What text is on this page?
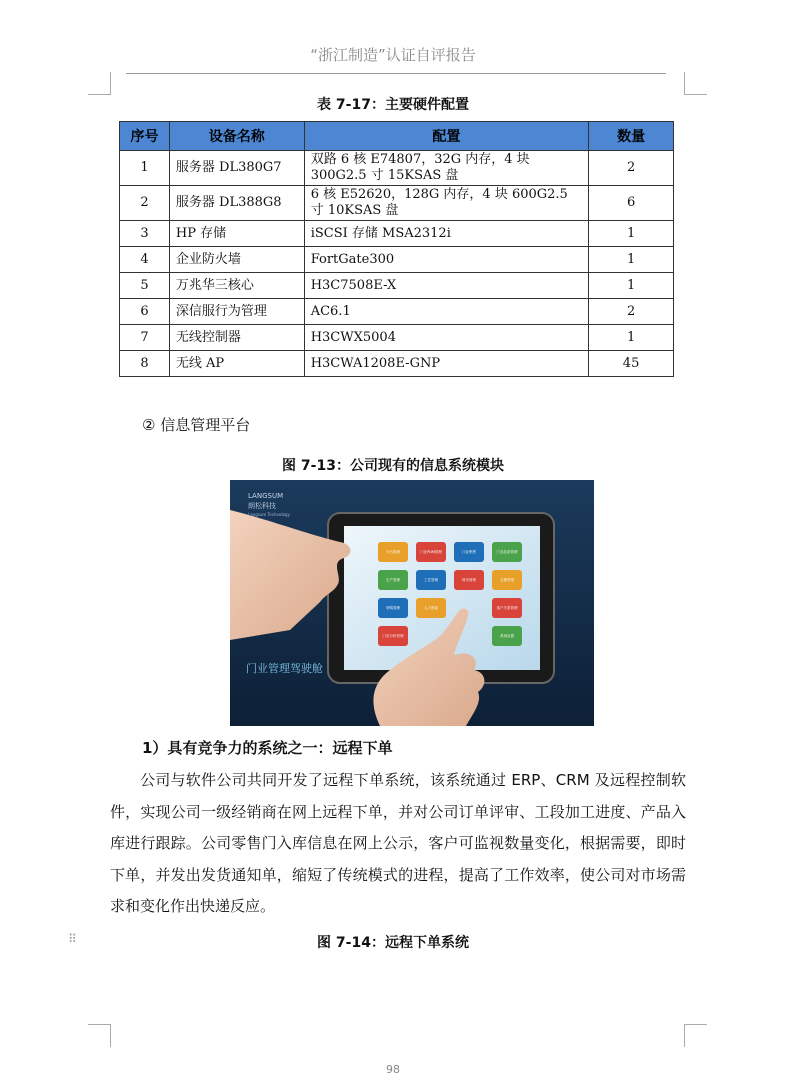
“浙江制造”认证自评报告
表 7-17：主要硬件配置
序号	设备名称	配置	数量
1	服务器 DL380G7	双路 6 核 E74807，32G 内存，4 块 300G2.5 寸 15KSAS 盘	2
2	服务器 DL388G8	6 核 E52620，128G 内存，4 块 600G2.5 寸 10KSAS 盘	6
3	HP 存储	iSCSI 存储 MSA2312i	1
4	企业防火墙	FortGate300	1
5	万兆华三核心	H3C7508E-X	1
6	深信服行为管理	AC6.1	2
7	无线控制器	H3CWX5004	1
8	无线 AP	H3CWA1208E-GNP	45
② 信息管理平台
图 7-13：公司现有的信息系统模块
平台管理	门业PDM管理	门业销售	门业品质管理
生产管理	工艺管理	财务管理	仓储管理
采购管理	人力资源	客户关系管理
门店分析管理	系统设置
LANGSUM
朗松科技
Langsum Technology
门业管理驾驶舱
1）具有竞争力的系统之一：远程下单

公司与软件公司共同开发了远程下单系统，该系统通过 ERP、CRM 及远程控制软件，实现公司一级经销商在网上远程下单，并对公司订单评审、工段加工进度、产品入库进行跟踪。公司零售门入库信息在网上公示，客户可监视数量变化，根据需要，即时下单，并发出发货通知单，缩短了传统模式的进程，提高了工作效率，使公司对市场需求和变化作出快递反应。

图 7-14：远程下单系统
⠿
98
